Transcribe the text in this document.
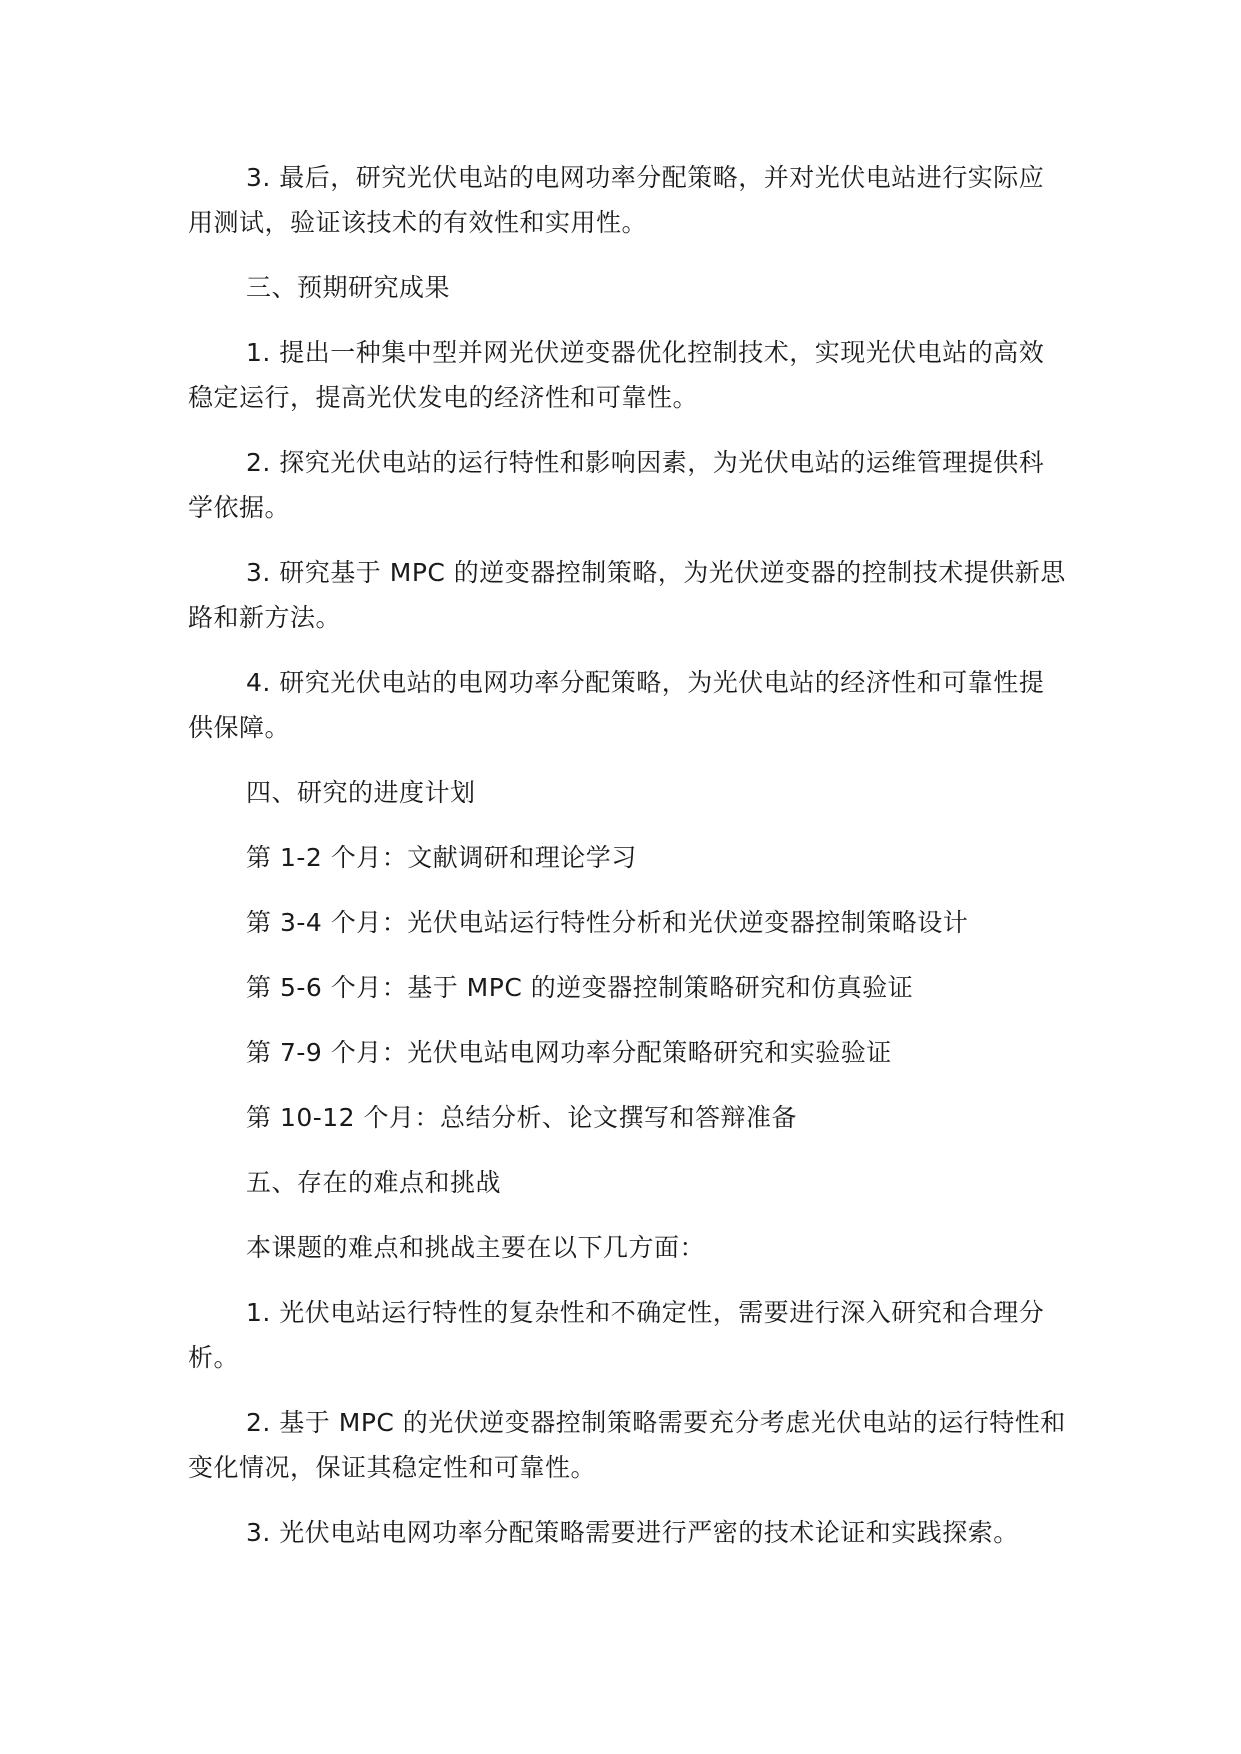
3. 最后，研究光伏电站的电网功率分配策略，并对光伏电站进行实际应用测试，验证该技术的有效性和实用性。

三、预期研究成果

1. 提出一种集中型并网光伏逆变器优化控制技术，实现光伏电站的高效稳定运行，提高光伏发电的经济性和可靠性。

2. 探究光伏电站的运行特性和影响因素，为光伏电站的运维管理提供科学依据。

3. 研究基于 MPC 的逆变器控制策略，为光伏逆变器的控制技术提供新思路和新方法。

4. 研究光伏电站的电网功率分配策略，为光伏电站的经济性和可靠性提供保障。

四、研究的进度计划

第 1-2 个月：文献调研和理论学习

第 3-4 个月：光伏电站运行特性分析和光伏逆变器控制策略设计

第 5-6 个月：基于 MPC 的逆变器控制策略研究和仿真验证

第 7-9 个月：光伏电站电网功率分配策略研究和实验验证

第 10-12 个月：总结分析、论文撰写和答辩准备

五、存在的难点和挑战

本课题的难点和挑战主要在以下几方面：

1. 光伏电站运行特性的复杂性和不确定性，需要进行深入研究和合理分析。

2. 基于 MPC 的光伏逆变器控制策略需要充分考虑光伏电站的运行特性和变化情况，保证其稳定性和可靠性。

3. 光伏电站电网功率分配策略需要进行严密的技术论证和实践探索。
